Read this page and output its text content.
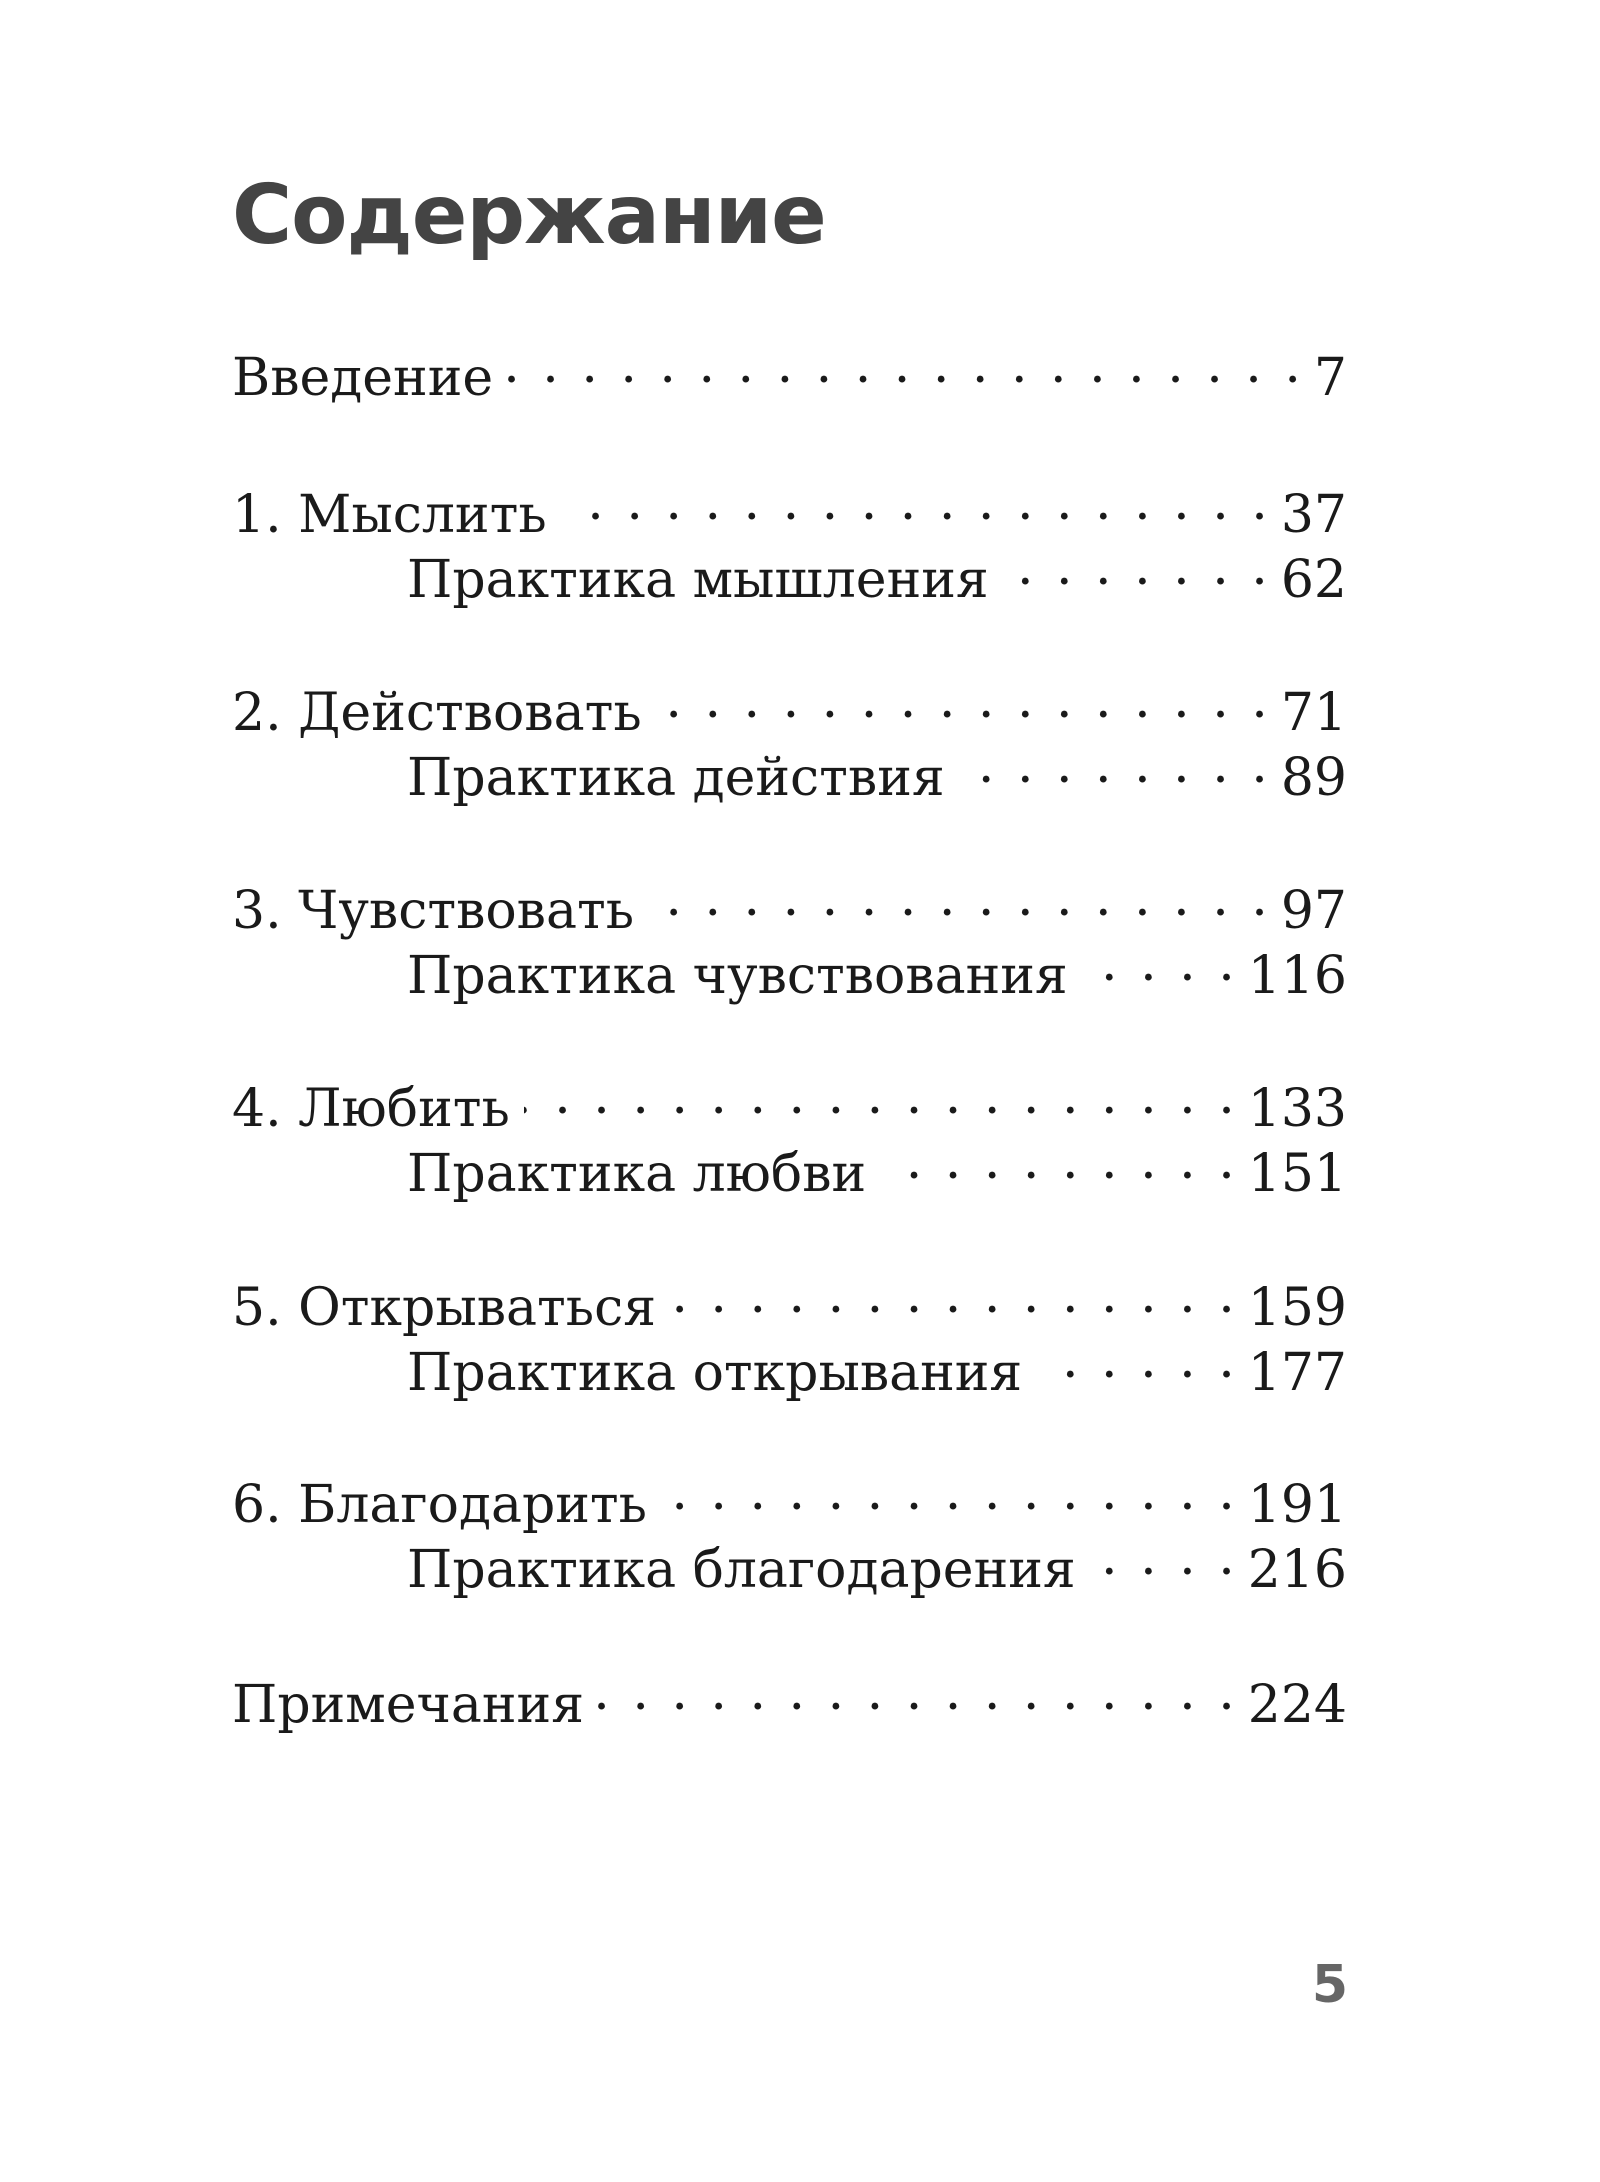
Содержание
Введение . . .	7
1. Мыслить . . .	37
Практика мышления . . .	62
2. Действовать . . .	71
Практика действия . . .	89
3. Чувствовать . . .	97
Практика чувствования . . .	116
4. Любить . . .	133
Практика любви . . .	151
5. Открываться . . .	159
Практика открывания . . .	177
6. Благодарить . . .	191
Практика благодарения . . .	216
Примечания . . .	224
5
